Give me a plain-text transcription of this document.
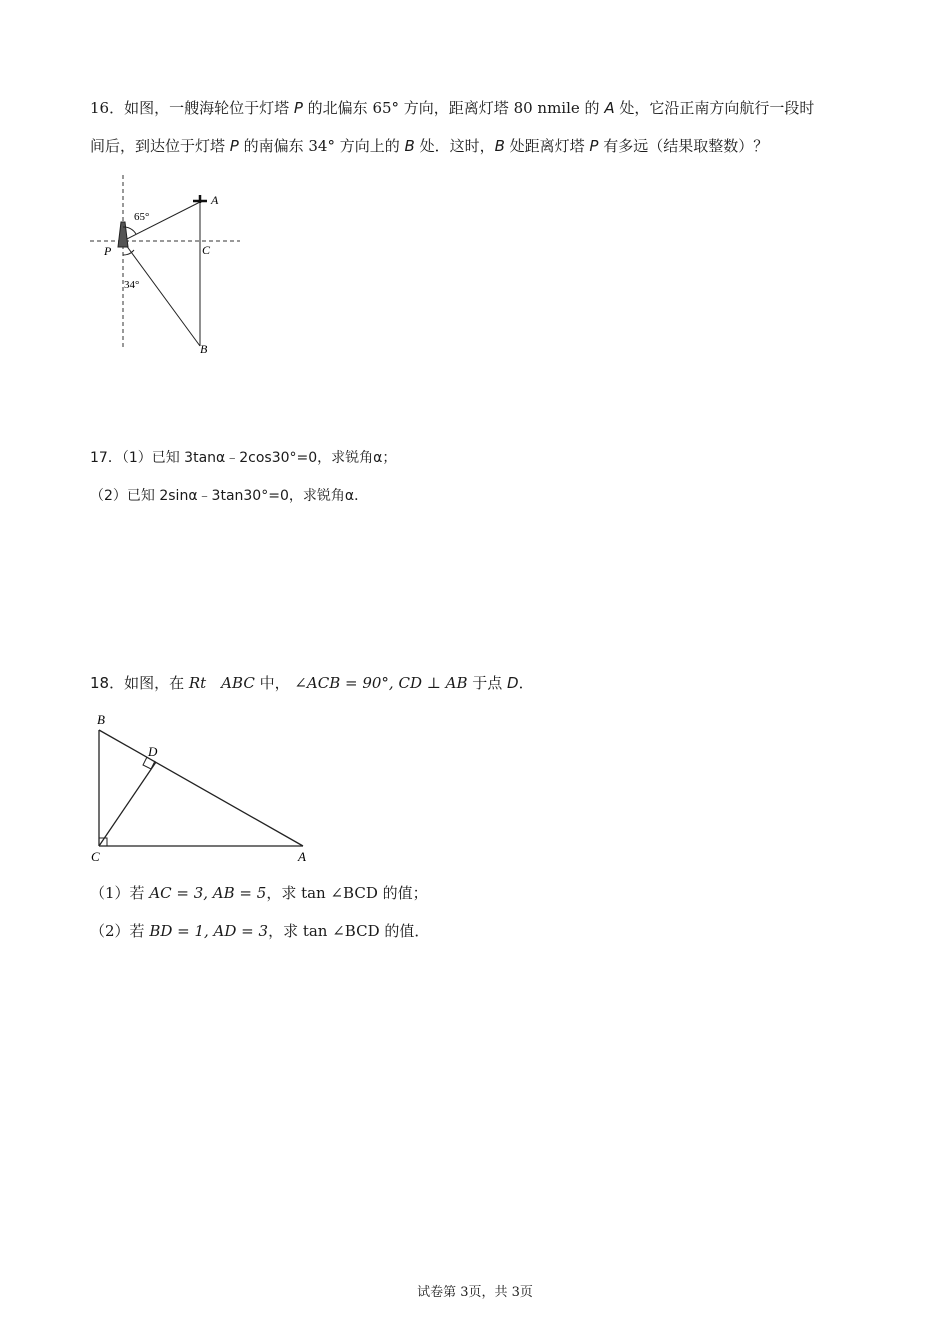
16．如图，一艘海轮位于灯塔 P 的北偏东 65° 方向，距离灯塔 80 nmile 的 A 处，它沿正南方向航行一段时
间后，到达位于灯塔 P 的南偏东 34° 方向上的 B 处．这时，B 处距离灯塔 P 有多远（结果取整数）？
A
C
P
B
65°
34°
17．（1）已知 3tanα﹣2cos30°=0，求锐角α；
（2）已知 2sinα﹣3tan30°=0，求锐角α．
18．如图，在 Rt　ABC 中， ∠ACB = 90°, CD ⊥ AB 于点 D．
B
D
C	A
（1）若 AC = 3, AB = 5，求 tan ∠BCD 的值；
（2）若 BD = 1, AD = 3，求 tan ∠BCD 的值．
试卷第 3页，共 3页
